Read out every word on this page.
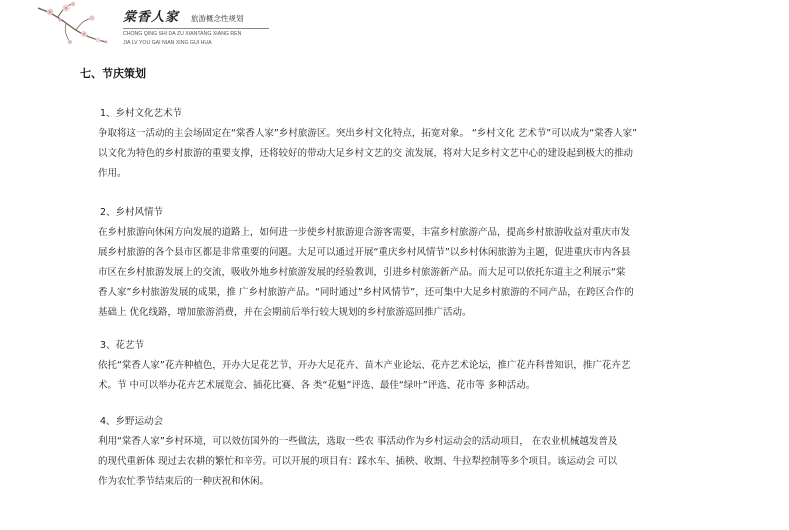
棠香人家 旅游概念性规划
CHONG QING SHI DA ZU XIANTANG XIANG REN
JIA LV YOU GAI NIAN XING GUI HUA
七、节庆策划
1、乡村文化艺术节

争取将这一活动的主会场固定在“棠香人家”乡村旅游区。突出乡村文化特点，拓宽对象。 “乡村文化 艺术节”可以成为“棠香人家”

以文化为特色的乡村旅游的重要支撑，还将较好的带动大足乡村文艺的交 流发展，将对大足乡村文艺中心的建设起到极大的推动

作用。

2、乡村风情节

在乡村旅游向休闲方向发展的道路上，如何进一步使乡村旅游迎合游客需要，丰富乡村旅游产品，提高乡村旅游收益对重庆市发

展乡村旅游的各个县市区都是非常重要的问题。大足可以通过开展“重庆乡村风情节”以乡村休闲旅游为主题，促进重庆市内各县

市区在乡村旅游发展上的交流，吸收外地乡村旅游发展的经验教训，引进乡村旅游新产品。而大足可以依托东道主之利展示“棠

香人家”乡村旅游发展的成果，推 广乡村旅游产品。“同时通过”乡村风情节”，还可集中大足乡村旅游的不同产品，在跨区合作的

基础上 优化线路，增加旅游消费，并在会期前后举行较大规划的乡村旅游巡回推广活动。

3、花艺节

依托“棠香人家”花卉种植色，开办大足花艺节，开办大足花卉、苗木产业论坛、花卉艺术论坛，推广花卉科普知识，推广花卉艺

术。节 中可以举办花卉艺术展览会、插花比赛、各 类“花魁”评选、最佳“绿叶”评选、花市等 多种活动。

4、乡野运动会

利用“棠香人家”乡村环境，可以效仿国外的一些做法，选取一些农 事活动作为乡村运动会的活动项目， 在农业机械越发普及

的现代重新体 现过去农耕的繁忙和辛劳。可以开展的项目有：踩水车、插秧、收割、牛拉犁控制等多个项目。该运动会 可以

作为农忙季节结束后的一种庆祝和休闲。
